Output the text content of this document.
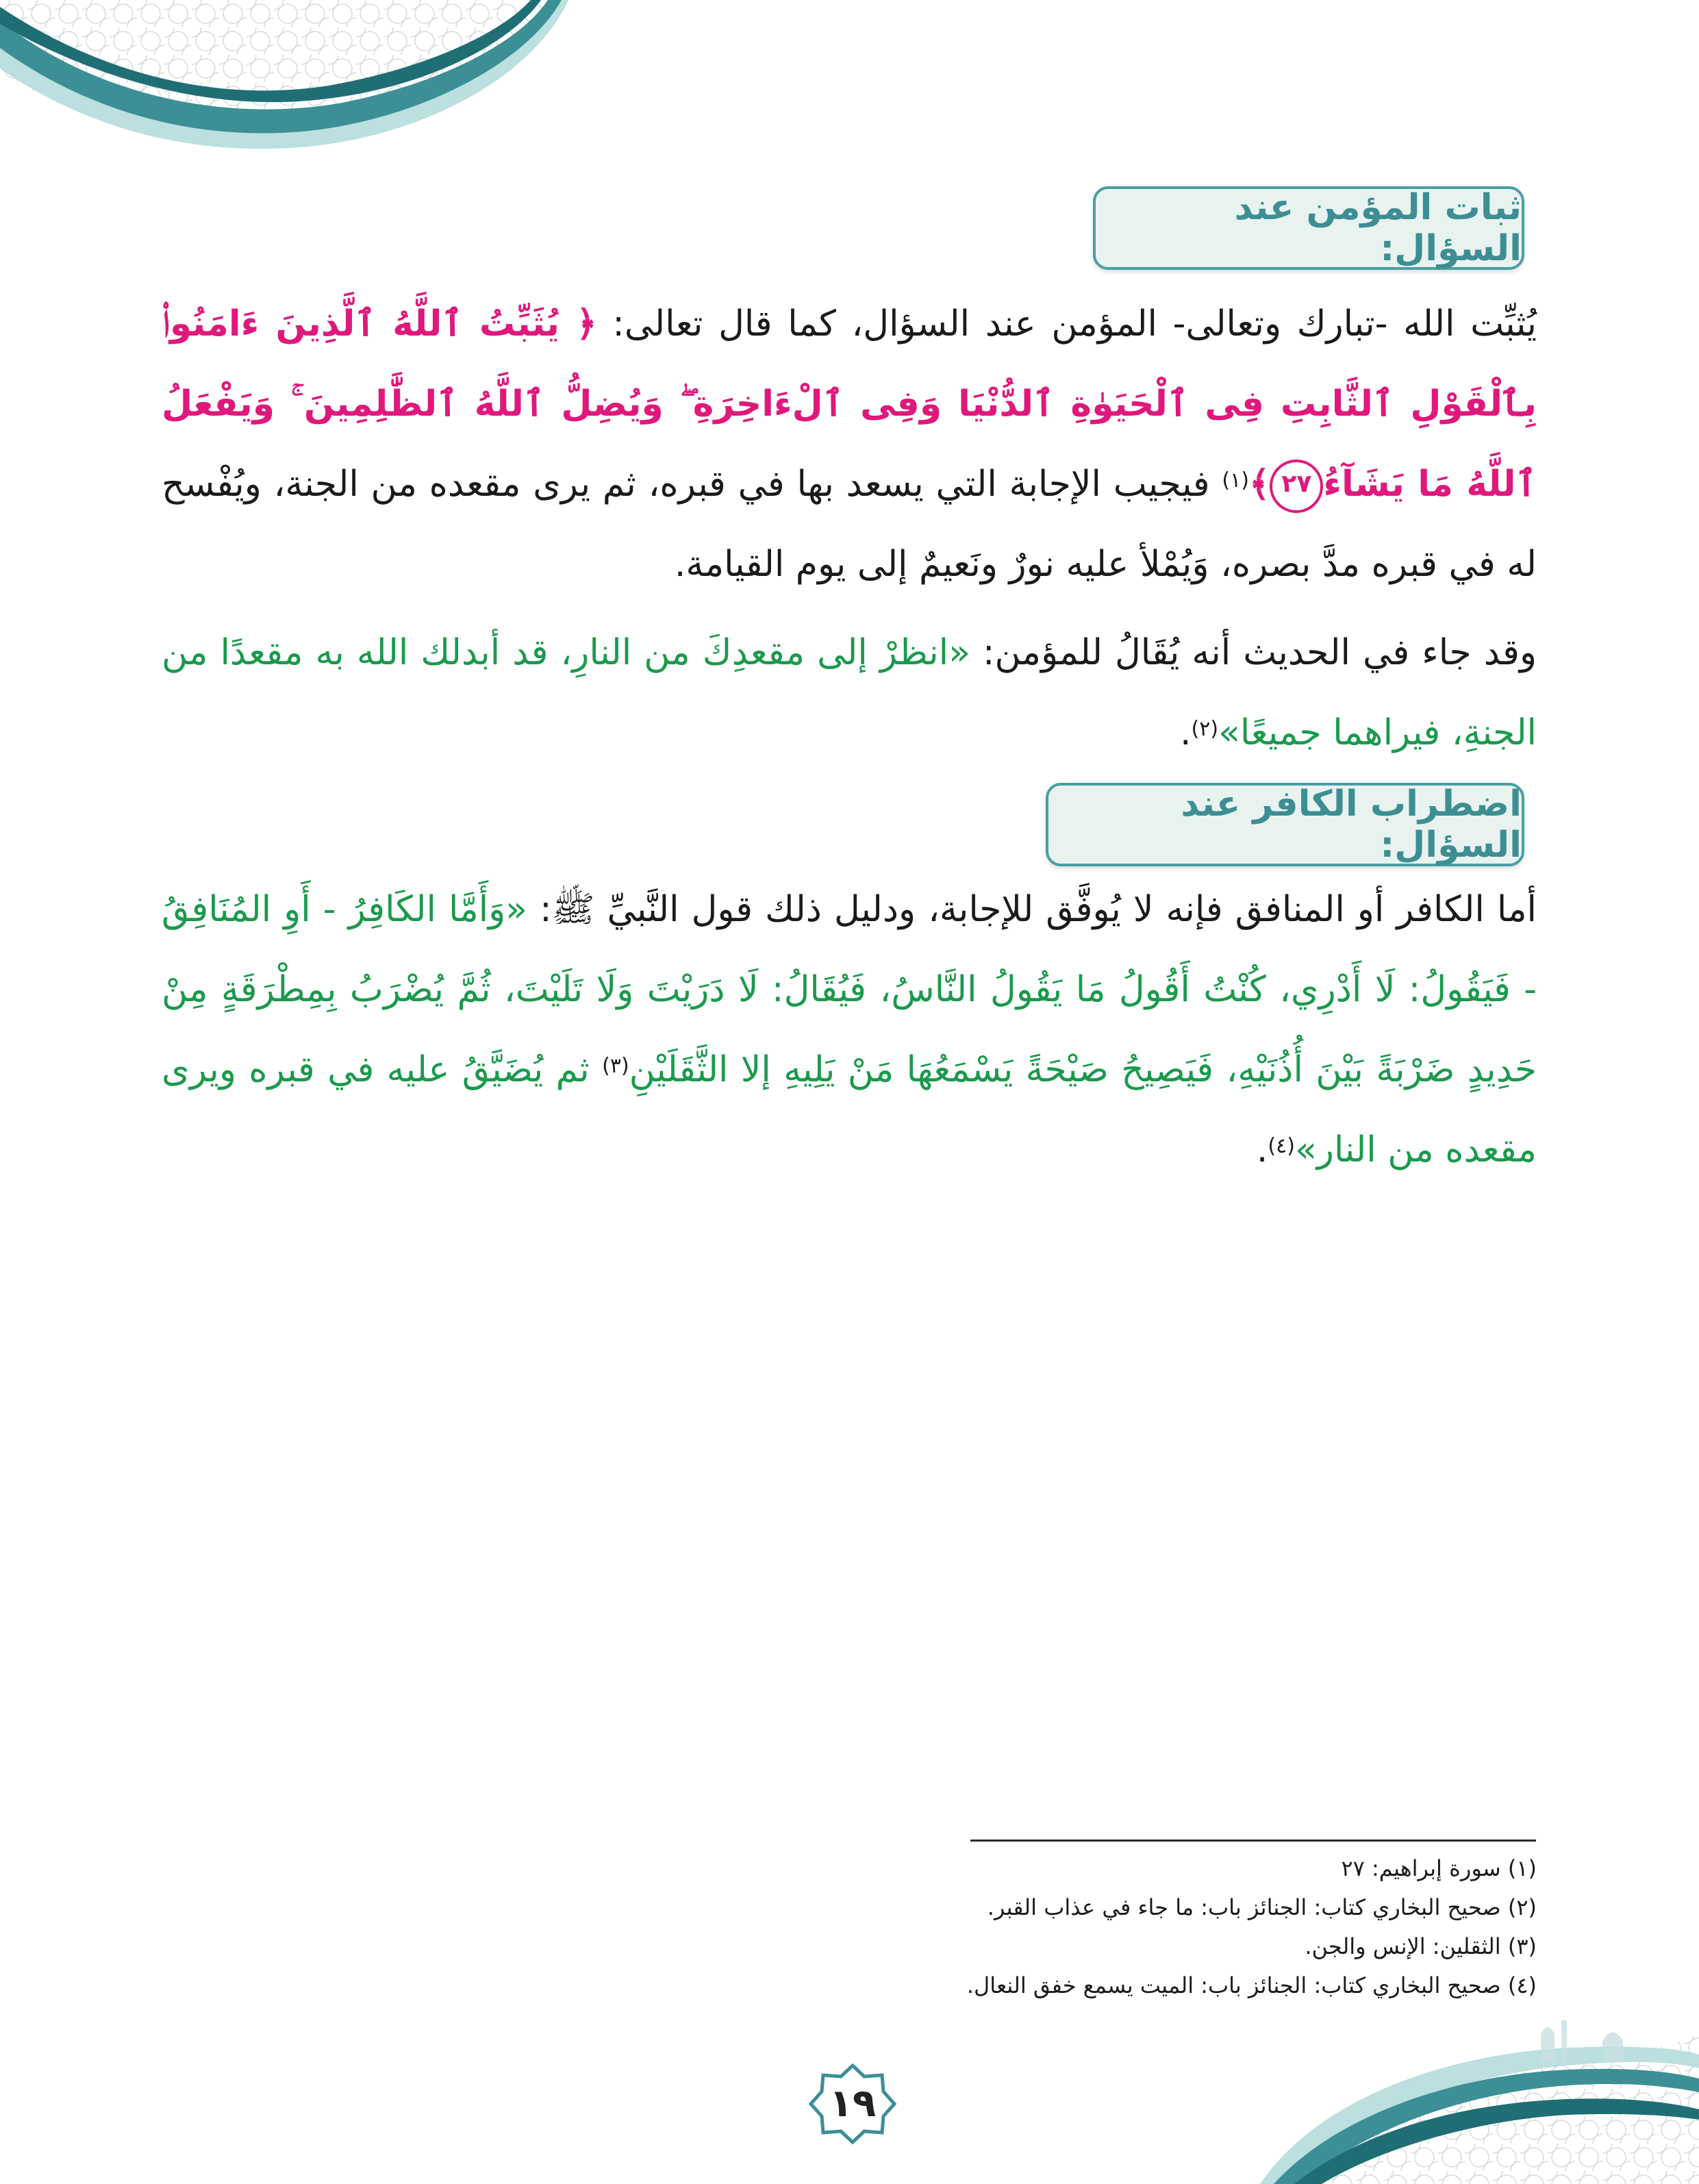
ثبات المؤمن عند السؤال:
يُثبِّت الله -تبارك وتعالى- المؤمن عند السؤال، كما قال تعالى: ﴿ يُثَبِّتُ ٱللَّهُ ٱلَّذِينَ ءَامَنُوا۟ بِٱلْقَوْلِ ٱلثَّابِتِ فِى ٱلْحَيَوٰةِ ٱلدُّنْيَا وَفِى ٱلْءَاخِرَةِ ۖ وَيُضِلُّ ٱللَّهُ ٱلظَّٰلِمِينَ ۚ وَيَفْعَلُ ٱللَّهُ مَا يَشَآءُ٢٧﴾$^{(١)}$ فيجيب الإجابة التي يسعد بها في قبره، ثم يرى مقعده من الجنة، ويُفْسح له في قبره مدَّ بصره، وَيُمْلأ عليه نورٌ ونَعيمٌ إلى يوم القيامة.
وقد جاء في الحديث أنه يُقَالُ للمؤمن: «انظرْ إلى مقعدِكَ من النارِ، قد أبدلك الله به مقعدًا من الجنةِ، فيراهما جميعًا»$^{(٢)}$.
اضطراب الكافر عند السؤال:
أما الكافر أو المنافق فإنه لا يُوفَّق للإجابة، ودليل ذلك قول النَّبيِّ ﷺ: «وَأَمَّا الكَافِرُ - أَوِ المُنَافِقُ - فَيَقُولُ: لَا أَدْرِي، كُنْتُ أَقُولُ مَا يَقُولُ النَّاسُ، فَيُقَالُ: لَا دَرَيْتَ وَلَا تَلَيْتَ، ثُمَّ يُضْرَبُ بِمِطْرَقَةٍ مِنْ حَدِيدٍ ضَرْبَةً بَيْنَ أُذُنَيْهِ، فَيَصِيحُ صَيْحَةً يَسْمَعُهَا مَنْ يَلِيهِ إلا الثَّقَلَيْنِ$^{(٣)}$ ثم يُضَيَّقُ عليه في قبره ويرى مقعده من النار»$^{(٤)}$.
(١) سورة إبراهيم: ٢٧
(٢) صحيح البخاري كتاب: الجنائز باب: ما جاء في عذاب القبر.
(٣) الثقلين: الإنس والجن.
(٤) صحيح البخاري كتاب: الجنائز باب: الميت يسمع خفق النعال.
١٩
